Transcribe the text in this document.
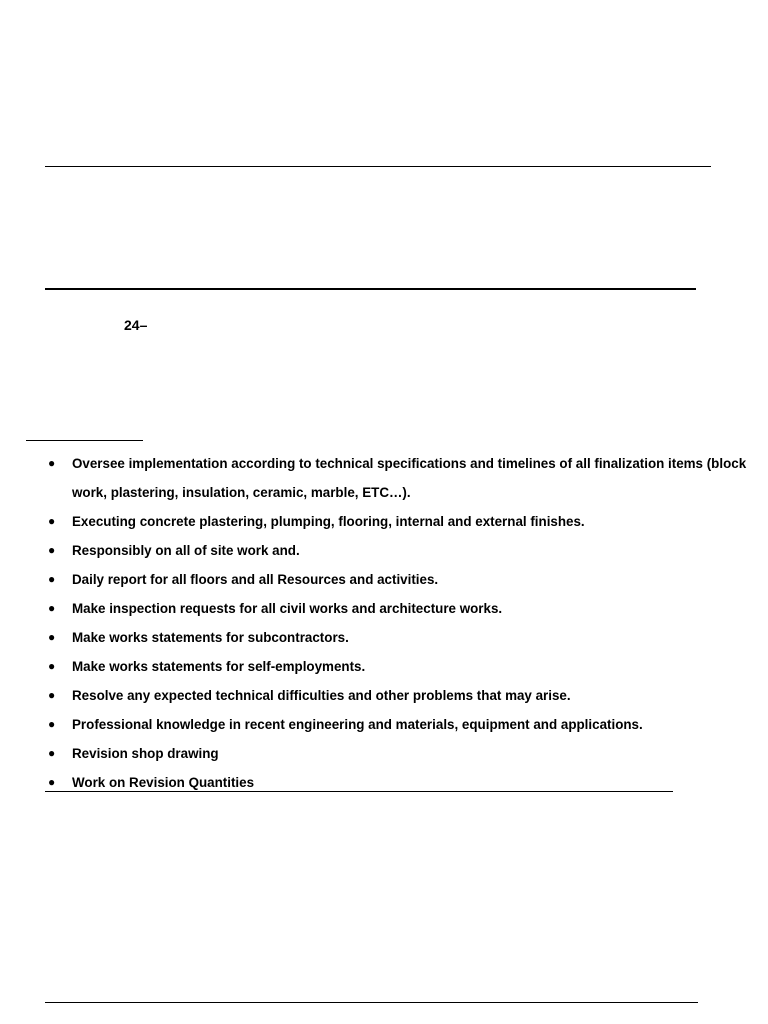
24–
● Oversee implementation according to technical specifications and timelines of all finalization items (block work, plastering, insulation, ceramic, marble, ETC…).
● Executing concrete plastering, plumping, flooring, internal and external finishes.
● Responsibly on all of site work and.
● Daily report for all floors and all Resources and activities.
● Make inspection requests for all civil works and architecture works.
● Make works statements for subcontractors.
● Make works statements for self-employments.
● Resolve any expected technical difficulties and other problems that may arise.
● Professional knowledge in recent engineering and materials, equipment and applications.
● Revision shop drawing
● Work on Revision Quantities
